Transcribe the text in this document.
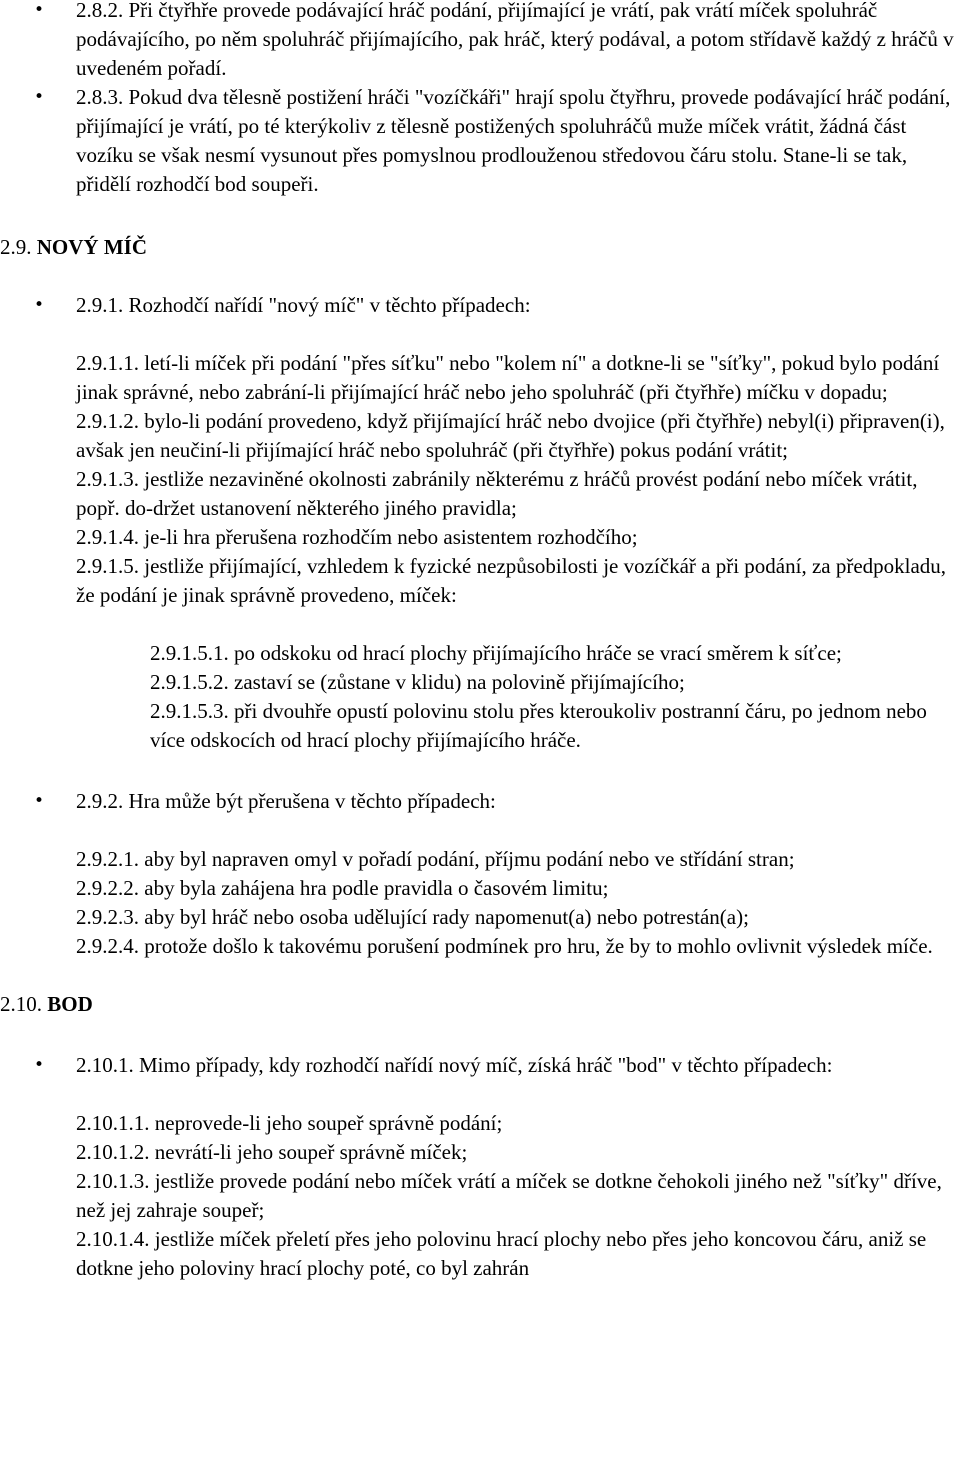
• 2.8.2. Při čtyřhře provede podávající hráč podání, přijímající je vrátí, pak vrátí míček spoluhráč podávajícího, po něm spoluhráč přijímajícího, pak hráč, který podával, a potom střídavě každý z hráčů v uvedeném pořadí.

• 2.8.3. Pokud dva tělesně postižení hráči "vozíčkáři" hrají spolu čtyřhru, provede podávající hráč podání, přijímající je vrátí, po té kterýkoliv z tělesně postižených spoluhráčů muže míček vrátit, žádná část vozíku se však nesmí vysunout přes pomyslnou prodlouženou středovou čáru stolu. Stane-li se tak, přidělí rozhodčí bod soupeři.

2.9. NOVÝ MÍČ

• 2.9.1. Rozhodčí nařídí "nový míč" v těchto případech:

2.9.1.1. letí-li míček při podání "přes síťku" nebo "kolem ní" a dotkne-li se "síťky", pokud bylo podání jinak správné, nebo zabrání-li přijímající hráč nebo jeho spoluhráč (při čtyřhře) míčku v dopadu;

2.9.1.2. bylo-li podání provedeno, když přijímající hráč nebo dvojice (při čtyřhře) nebyl(i) připraven(i), avšak jen neučiní-li přijímající hráč nebo spoluhráč (při čtyřhře) pokus podání vrátit;

2.9.1.3. jestliže nezaviněné okolnosti zabránily některému z hráčů provést podání nebo míček vrátit, popř. do-držet ustanovení některého jiného pravidla;

2.9.1.4. je-li hra přerušena rozhodčím nebo asistentem rozhodčího;

2.9.1.5. jestliže přijímající, vzhledem k fyzické nezpůsobilosti je vozíčkář a při podání, za předpokladu, že podání je jinak správně provedeno, míček:

2.9.1.5.1. po odskoku od hrací plochy přijímajícího hráče se vrací směrem k síťce;

2.9.1.5.2. zastaví se (zůstane v klidu) na polovině přijímajícího;

2.9.1.5.3. při dvouhře opustí polovinu stolu přes kteroukoliv postranní čáru, po jednom nebo více odskocích od hrací plochy přijímajícího hráče.

• 2.9.2. Hra může být přerušena v těchto případech:

2.9.2.1. aby byl napraven omyl v pořadí podání, příjmu podání nebo ve střídání stran;

2.9.2.2. aby byla zahájena hra podle pravidla o časovém limitu;

2.9.2.3. aby byl hráč nebo osoba udělující rady napomenut(a) nebo potrestán(a);

2.9.2.4. protože došlo k takovému porušení podmínek pro hru, že by to mohlo ovlivnit výsledek míče.

2.10. BOD

• 2.10.1. Mimo případy, kdy rozhodčí nařídí nový míč, získá hráč "bod" v těchto případech:

2.10.1.1. neprovede-li jeho soupeř správně podání;

2.10.1.2. nevrátí-li jeho soupeř správně míček;

2.10.1.3. jestliže provede podání nebo míček vrátí a míček se dotkne čehokoli jiného než "síťky" dříve, než jej zahraje soupeř;

2.10.1.4. jestliže míček přeletí přes jeho polovinu hrací plochy nebo přes jeho koncovou čáru, aniž se dotkne jeho poloviny hrací plochy poté, co byl zahrán
